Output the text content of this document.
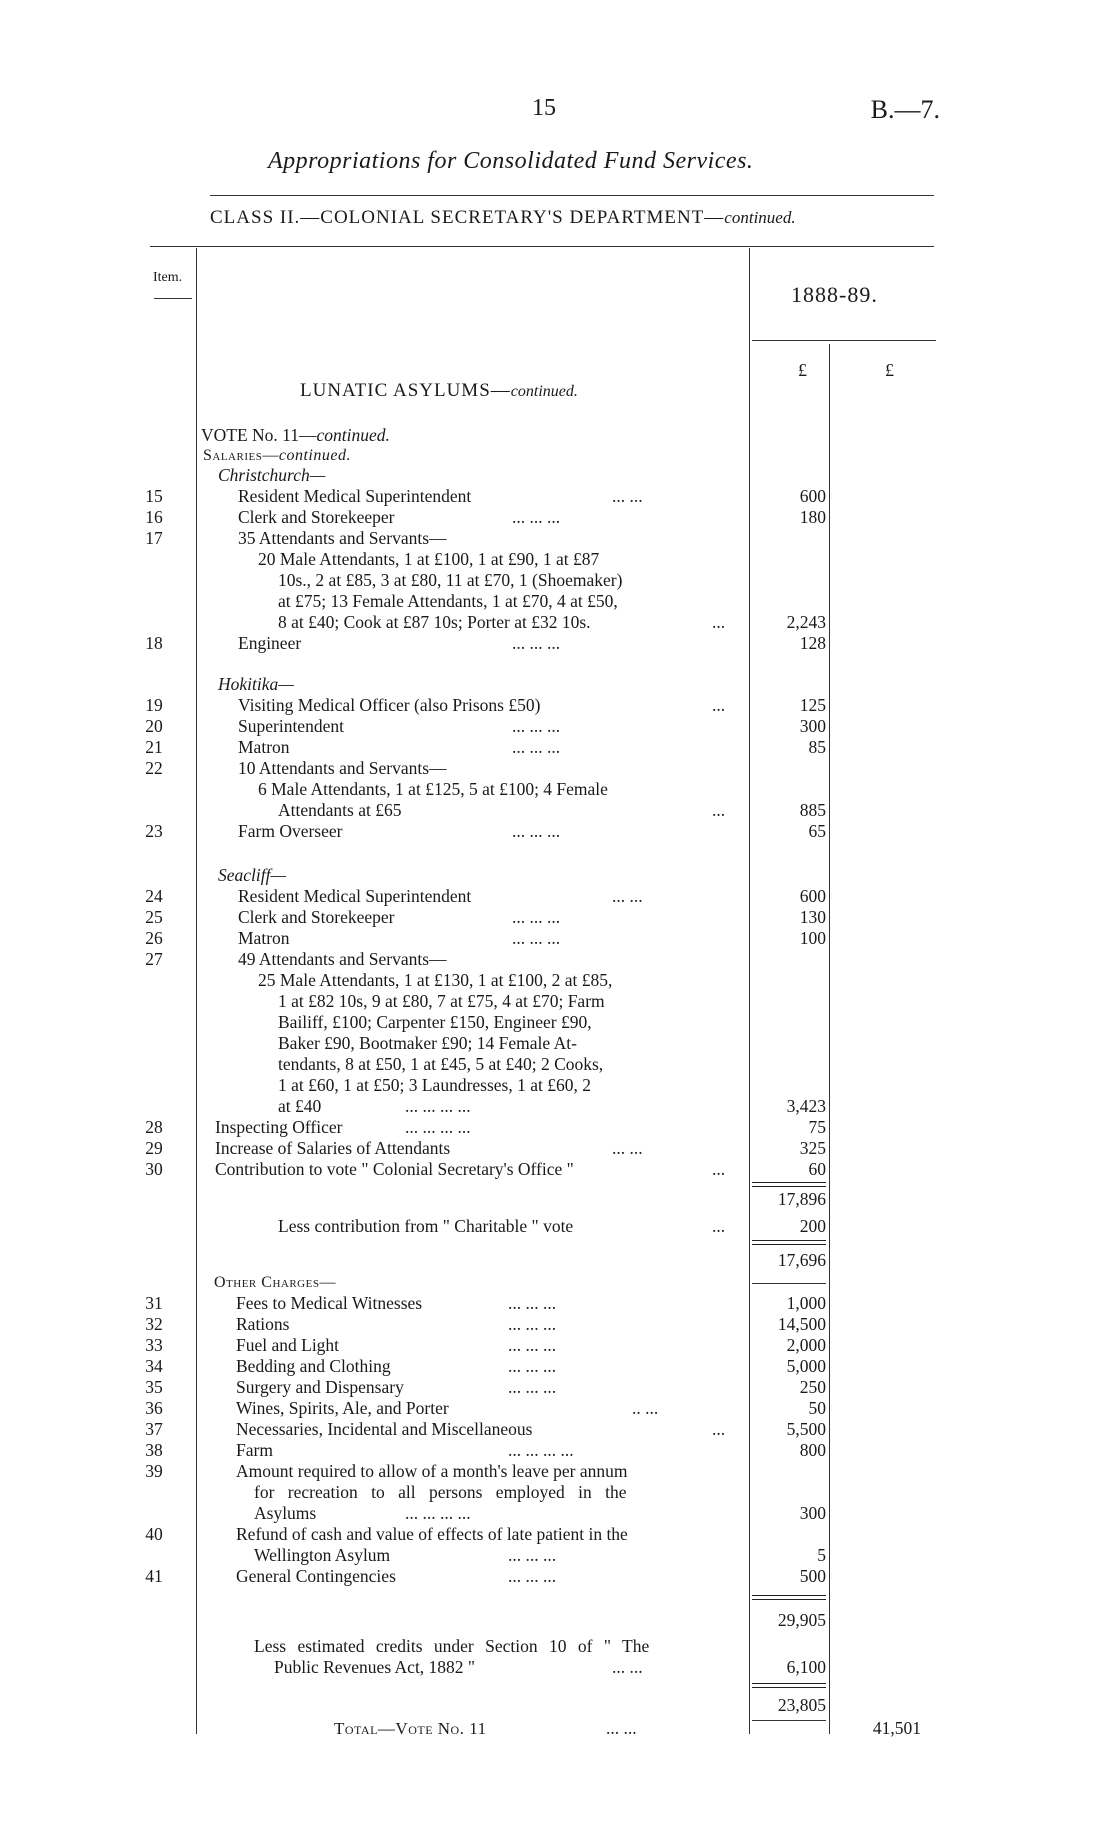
15	B.—7.
Appropriations for Consolidated Fund Services.
CLASS II.—COLONIAL SECRETARY'S DEPARTMENT—continued.
Item.
1888-89.
£	£
LUNATIC ASYLUMS—continued.
VOTE No. 11—continued.
Salaries—continued.
Christchurch—
15	Resident Medical Superintendent	... ...	600
16	Clerk and Storekeeper	... ... ...	180
17	35 Attendants and Servants—
20 Male Attendants, 1 at £100, 1 at £90, 1 at £87
10s., 2 at £85, 3 at £80, 11 at £70, 1 (Shoemaker)
at £75; 13 Female Attendants, 1 at £70, 4 at £50,
8 at £40; Cook at £87 10s; Porter at £32 10s.	...	2,243
18	Engineer	... ... ...	128
Hokitika—
19	Visiting Medical Officer (also Prisons £50)	...	125
20	Superintendent	... ... ...	300
21	Matron	... ... ...	85
22	10 Attendants and Servants—
6 Male Attendants, 1 at £125, 5 at £100; 4 Female
Attendants at £65	...	885
23	Farm Overseer	... ... ...	65
Seacliff—
24	Resident Medical Superintendent	... ...	600
25	Clerk and Storekeeper	... ... ...	130
26	Matron	... ... ...	100
27	49 Attendants and Servants—
25 Male Attendants, 1 at £130, 1 at £100, 2 at £85,
1 at £82 10s, 9 at £80, 7 at £75, 4 at £70; Farm
Bailiff, £100; Carpenter £150, Engineer £90,
Baker £90, Bootmaker £90; 14 Female At-
tendants, 8 at £50, 1 at £45, 5 at £40; 2 Cooks,
1 at £60, 1 at £50; 3 Laundresses, 1 at £60, 2
at £40	... ... ... ...	3,423
28	Inspecting Officer	... ... ... ...	75
29	Increase of Salaries of Attendants	... ...	325
30	Contribution to vote " Colonial Secretary's Office "	...	60
17,896
Less contribution from " Charitable " vote	...	200
17,696
Other Charges—
31	Fees to Medical Witnesses	... ... ...	1,000
32	Rations	... ... ...	14,500
33	Fuel and Light	... ... ...	2,000
34	Bedding and Clothing	... ... ...	5,000
35	Surgery and Dispensary	... ... ...	250
36	Wines, Spirits, Ale, and Porter	.. ...	50
37	Necessaries, Incidental and Miscellaneous	...	5,500
38	Farm	... ... ... ...	800
39	Amount required to allow of a month's leave per annum
for recreation to all persons employed in the
Asylums	... ... ... ...	300
40	Refund of cash and value of effects of late patient in the
Wellington Asylum	... ... ...	5
41	General Contingencies	... ... ...	500
29,905
Less estimated credits under Section 10 of " The
Public Revenues Act, 1882 "	... ...	6,100
23,805
Total—Vote No. 11	... ...	41,501
